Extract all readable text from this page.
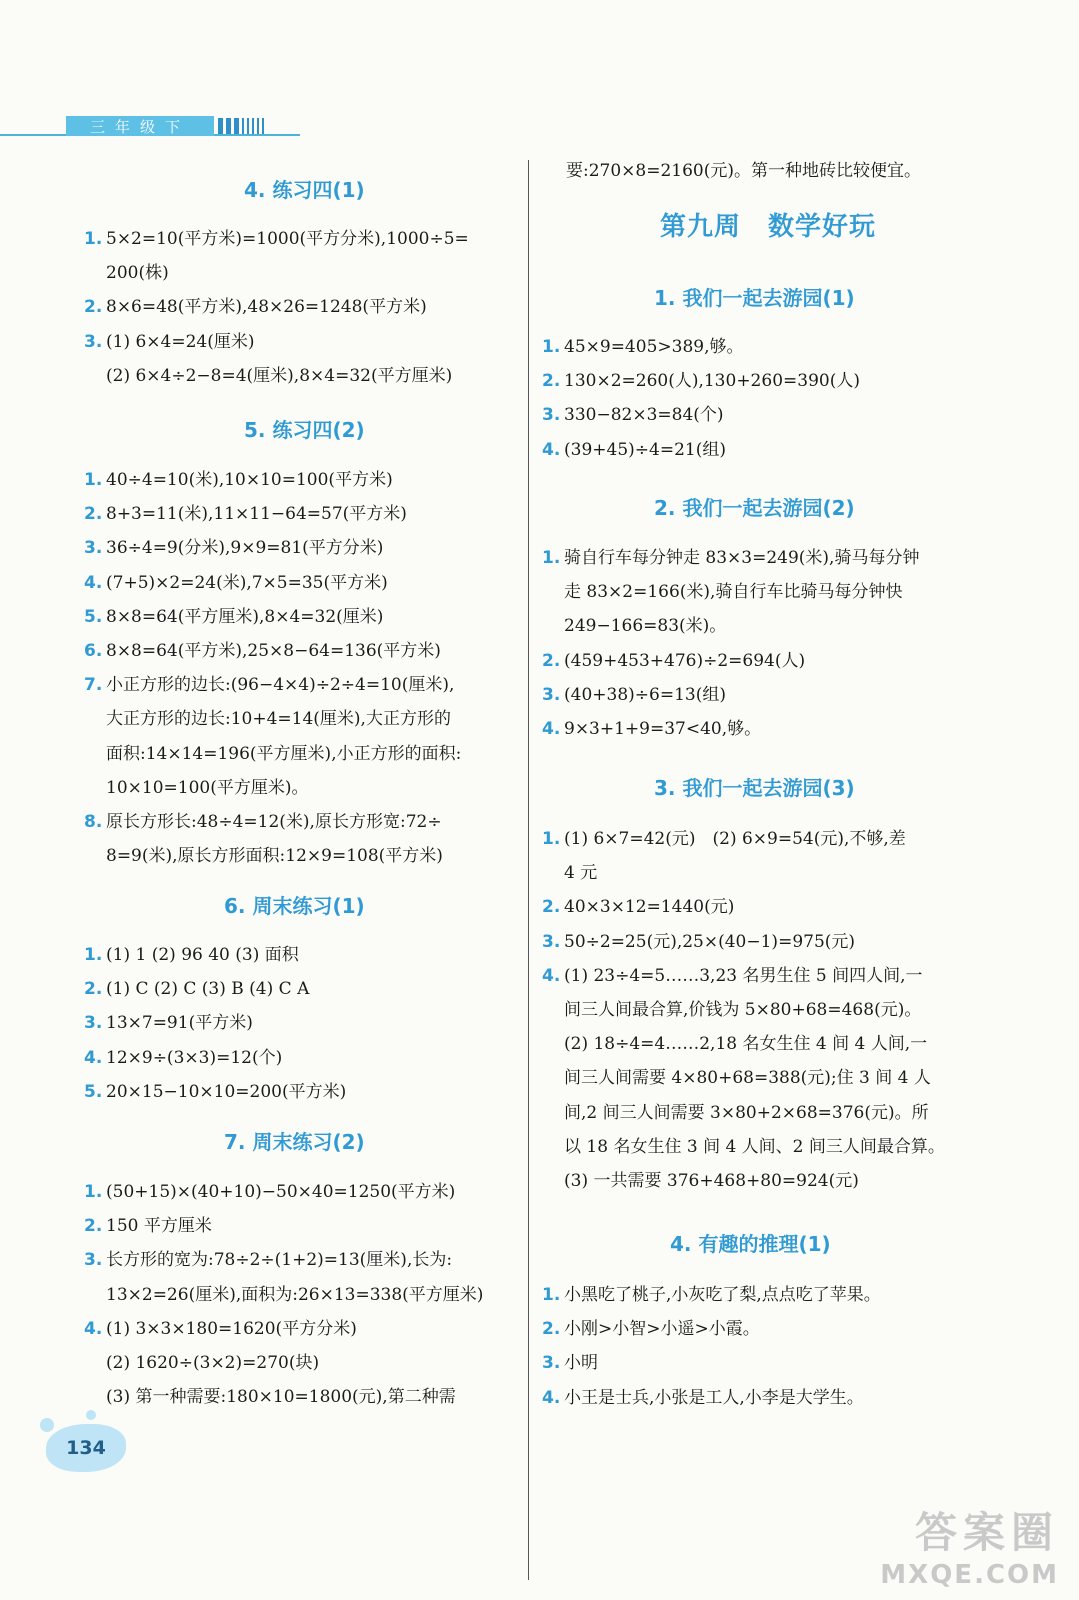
三年级下
4. 练习四(1)
1. 5×2=10(平方米)=1000(平方分米),1000÷5=
200(株)
2. 8×6=48(平方米),48×26=1248(平方米)
3. (1) 6×4=24(厘米)
(2) 6×4÷2−8=4(厘米),8×4=32(平方厘米)
5. 练习四(2)
1. 40÷4=10(米),10×10=100(平方米)
2. 8+3=11(米),11×11−64=57(平方米)
3. 36÷4=9(分米),9×9=81(平方分米)
4. (7+5)×2=24(米),7×5=35(平方米)
5. 8×8=64(平方厘米),8×4=32(厘米)
6. 8×8=64(平方米),25×8−64=136(平方米)
7. 小正方形的边长:(96−4×4)÷2÷4=10(厘米),
大正方形的边长:10+4=14(厘米),大正方形的
面积:14×14=196(平方厘米),小正方形的面积:
10×10=100(平方厘米)。
8. 原长方形长:48÷4=12(米),原长方形宽:72÷
8=9(米),原长方形面积:12×9=108(平方米)
6. 周末练习(1)
1. (1) 1 (2) 96 40 (3) 面积
2. (1) C (2) C (3) B (4) C A
3. 13×7=91(平方米)
4. 12×9÷(3×3)=12(个)
5. 20×15−10×10=200(平方米)
7. 周末练习(2)
1. (50+15)×(40+10)−50×40=1250(平方米)
2. 150 平方厘米
3. 长方形的宽为:78÷2÷(1+2)=13(厘米),长为:
13×2=26(厘米),面积为:26×13=338(平方厘米)
4. (1) 3×3×180=1620(平方分米)
(2) 1620÷(3×2)=270(块)
(3) 第一种需要:180×10=1800(元),第二种需
要:270×8=2160(元)。第一种地砖比较便宜。
第九周　数学好玩
1. 我们一起去游园(1)
1. 45×9=405>389,够。
2. 130×2=260(人),130+260=390(人)
3. 330−82×3=84(个)
4. (39+45)÷4=21(组)
2. 我们一起去游园(2)
1. 骑自行车每分钟走 83×3=249(米),骑马每分钟
走 83×2=166(米),骑自行车比骑马每分钟快
249−166=83(米)。
2. (459+453+476)÷2=694(人)
3. (40+38)÷6=13(组)
4. 9×3+1+9=37<40,够。
3. 我们一起去游园(3)
1. (1) 6×7=42(元)　(2) 6×9=54(元),不够,差
4 元
2. 40×3×12=1440(元)
3. 50÷2=25(元),25×(40−1)=975(元)
4. (1) 23÷4=5……3,23 名男生住 5 间四人间,一
间三人间最合算,价钱为 5×80+68=468(元)。
(2) 18÷4=4……2,18 名女生住 4 间 4 人间,一
间三人间需要 4×80+68=388(元);住 3 间 4 人
间,2 间三人间需要 3×80+2×68=376(元)。所
以 18 名女生住 3 间 4 人间、2 间三人间最合算。
(3) 一共需要 376+468+80=924(元)
4. 有趣的推理(1)
1. 小黑吃了桃子,小灰吃了梨,点点吃了苹果。
2. 小刚>小智>小遥>小霞。
3. 小明
4. 小王是士兵,小张是工人,小李是大学生。
134
答案圈
MXQE.COM
